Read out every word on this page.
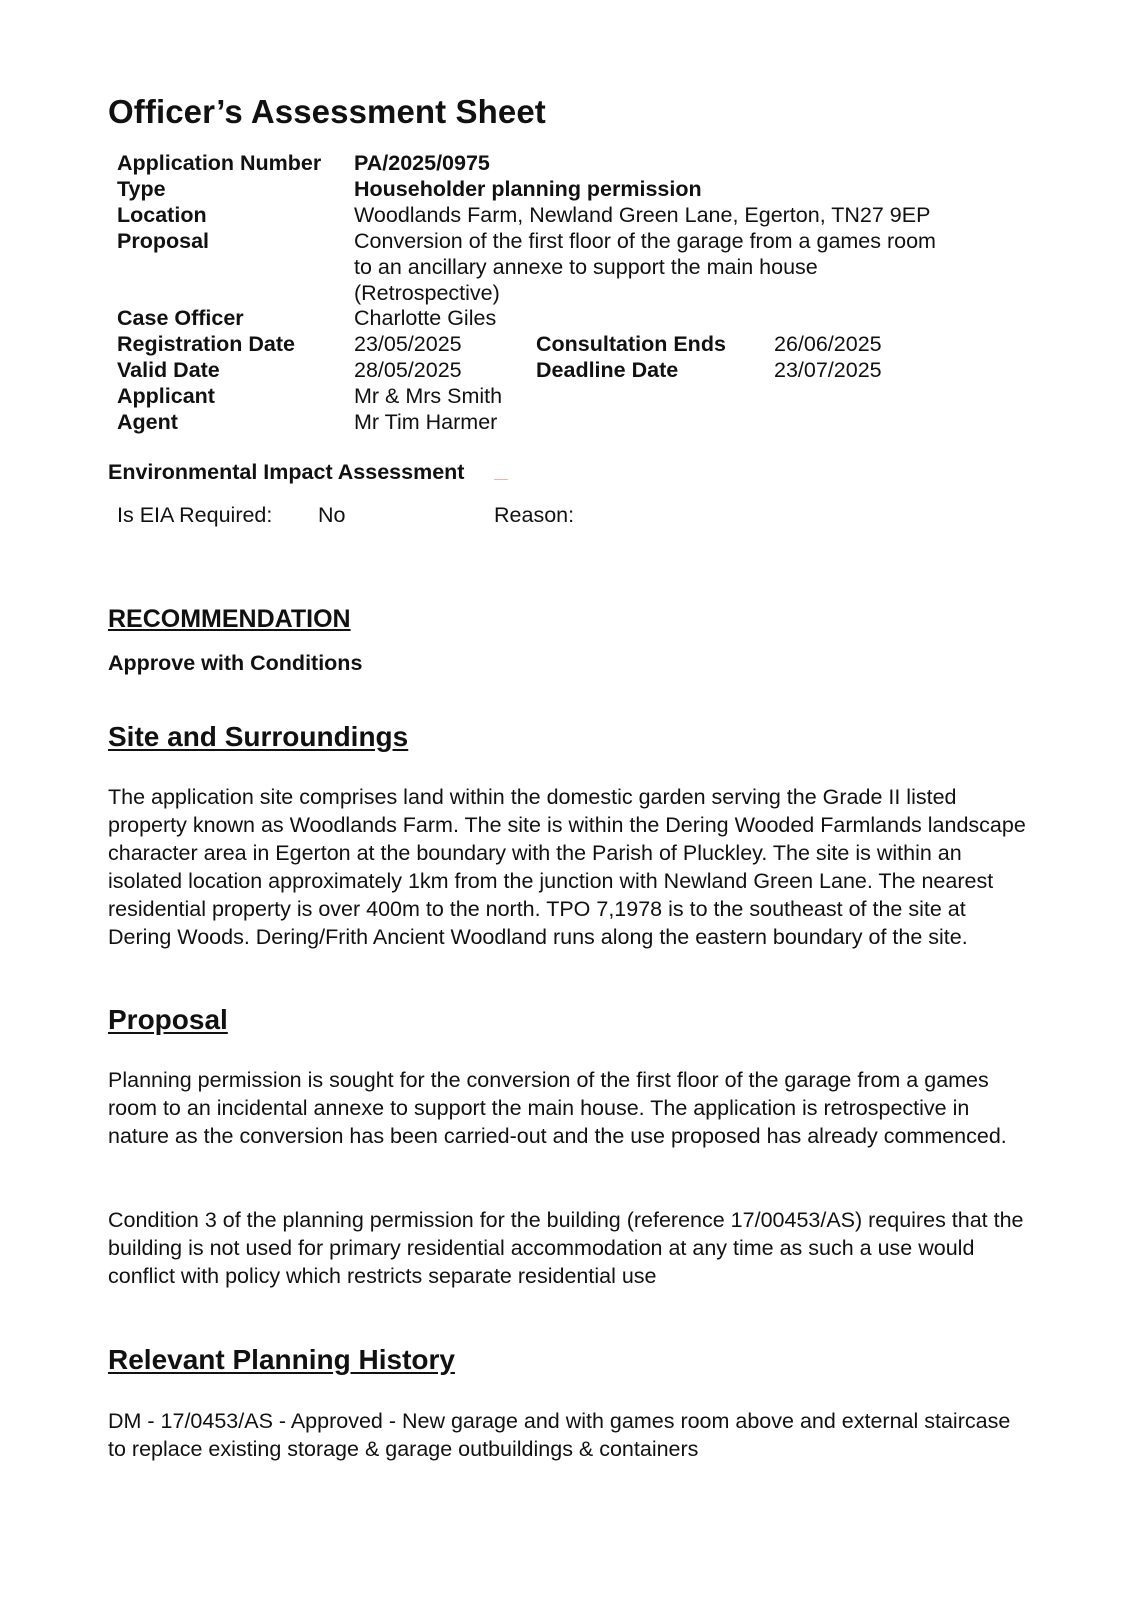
Officer’s Assessment Sheet
Application Number PA/2025/0975
Type	Householder planning permission
Location	Woodlands Farm, Newland Green Lane, Egerton, TN27 9EP
Proposal	Conversion of the first floor of the garage from a games room
to an ancillary annexe to support the main house
(Retrospective)
Case Officer	Charlotte Giles
Registration Date	23/05/2025	Consultation Ends 26/06/2025
Valid Date	28/05/2025	Deadline Date	23/07/2025
Applicant	Mr & Mrs Smith
Agent	Mr Tim Harmer
Environmental Impact Assessment
Is EIA Required: No	Reason:
RECOMMENDATION
Approve with Conditions
Site and Surroundings
The application site comprises land within the domestic garden serving the Grade II listed property known as Woodlands Farm. The site is within the Dering Wooded Farmlands landscape character area in Egerton at the boundary with the Parish of Pluckley. The site is within an isolated location approximately 1km from the junction with Newland Green Lane. The nearest residential property is over 400m to the north. TPO 7,1978 is to the southeast of the site at Dering Woods. Dering/Frith Ancient Woodland runs along the eastern boundary of the site.
Proposal
Planning permission is sought for the conversion of the first floor of the garage from a games room to an incidental annexe to support the main house. The application is retrospective in nature as the conversion has been carried-out and the use proposed has already commenced.
Condition 3 of the planning permission for the building (reference 17/00453/AS) requires that the building is not used for primary residential accommodation at any time as such a use would conflict with policy which restricts separate residential use
Relevant Planning History
DM - 17/0453/AS - Approved - New garage and with games room above and external staircase to replace existing storage & garage outbuildings & containers
